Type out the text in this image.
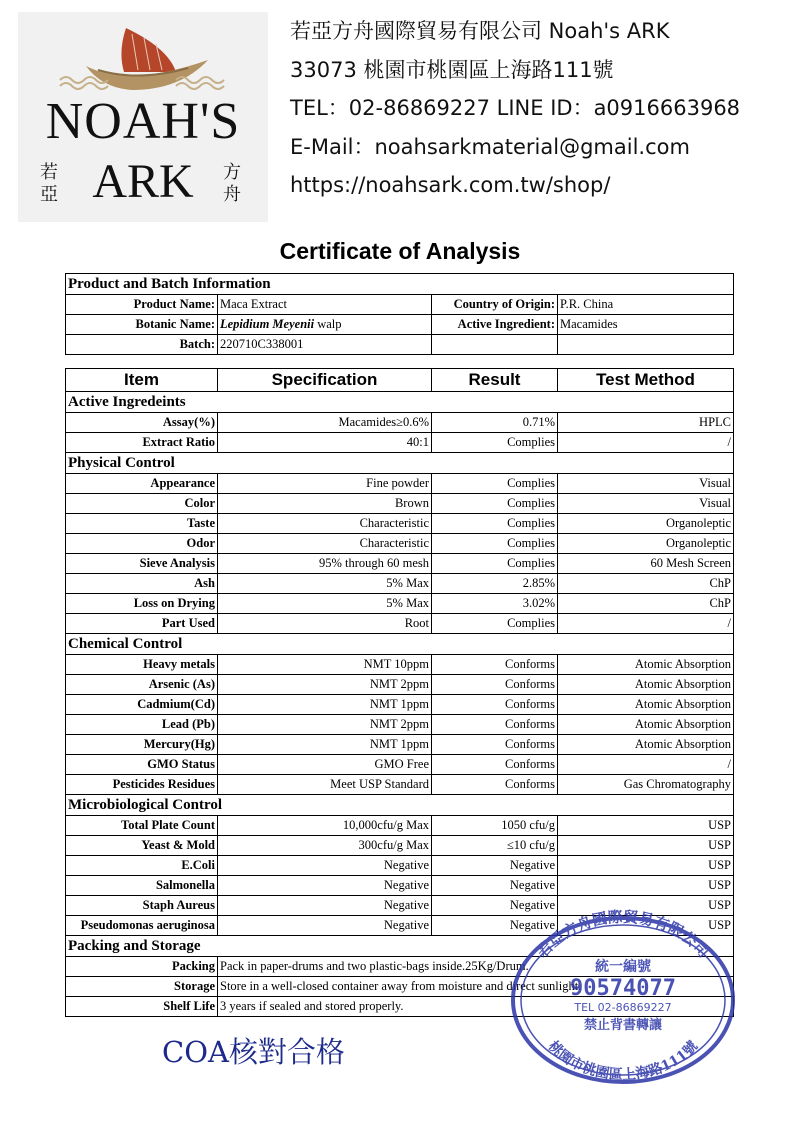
NOAH'S
若亞 ARK	方舟
若亞方舟國際貿易有限公司 Noah's ARK
33073 桃園市桃園區上海路111號
TEL：02-86869227 LINE ID：a0916663968
E-Mail：noahsarkmaterial@gmail.com
https://noahsark.com.tw/shop/
Certificate of Analysis
Product and Batch Information			
Product Name:	Maca Extract	Country of Origin:	P.R. China
Botanic Name:	Lepidium Meyenii walp	Active Ingredient:	Macamides
Batch:	220710C338001		
Item	Specification	Result	Test Method
Active Ingredeints			
Assay(%)	Macamides≥0.6%	0.71%	HPLC
Extract Ratio	40:1	Complies	/
Physical Control			
Appearance	Fine powder	Complies	Visual
Color	Brown	Complies	Visual
Taste	Characteristic	Complies	Organoleptic
Odor	Characteristic	Complies	Organoleptic
Sieve Analysis	95% through 60 mesh	Complies	60 Mesh Screen
Ash	5% Max	2.85%	ChP
Loss on Drying	5% Max	3.02%	ChP
Part Used	Root	Complies	/
Chemical Control			
Heavy metals	NMT 10ppm	Conforms	Atomic Absorption
Arsenic (As)	NMT 2ppm	Conforms	Atomic Absorption
Cadmium(Cd)	NMT 1ppm	Conforms	Atomic Absorption
Lead (Pb)	NMT 2ppm	Conforms	Atomic Absorption
Mercury(Hg)	NMT 1ppm	Conforms	Atomic Absorption
GMO Status	GMO Free	Conforms	/
Pesticides Residues	Meet USP Standard	Conforms	Gas Chromatography
Microbiological Control			
Total Plate Count	10,000cfu/g Max	1050 cfu/g	USP
Yeast & Mold	300cfu/g Max	≤10 cfu/g	USP
E.Coli	Negative	Negative	USP
Salmonella	Negative	Negative	USP
Staph Aureus	Negative	Negative	USP
Pseudomonas aeruginosa	Negative	Negative	USP
Packing and Storage			
Packing	Pack in paper-drums and two plastic-bags inside.25Kg/Drum.		
Storage	Store in a well-closed container away from moisture and direct sunlight.		
Shelf Life	3 years if sealed and stored properly.		
若亞方舟國際貿易有限公司
桃園市桃園區上海路111號
統一編號
90574077
TEL 02-86869227
禁止背書轉讓
COA核對合格
